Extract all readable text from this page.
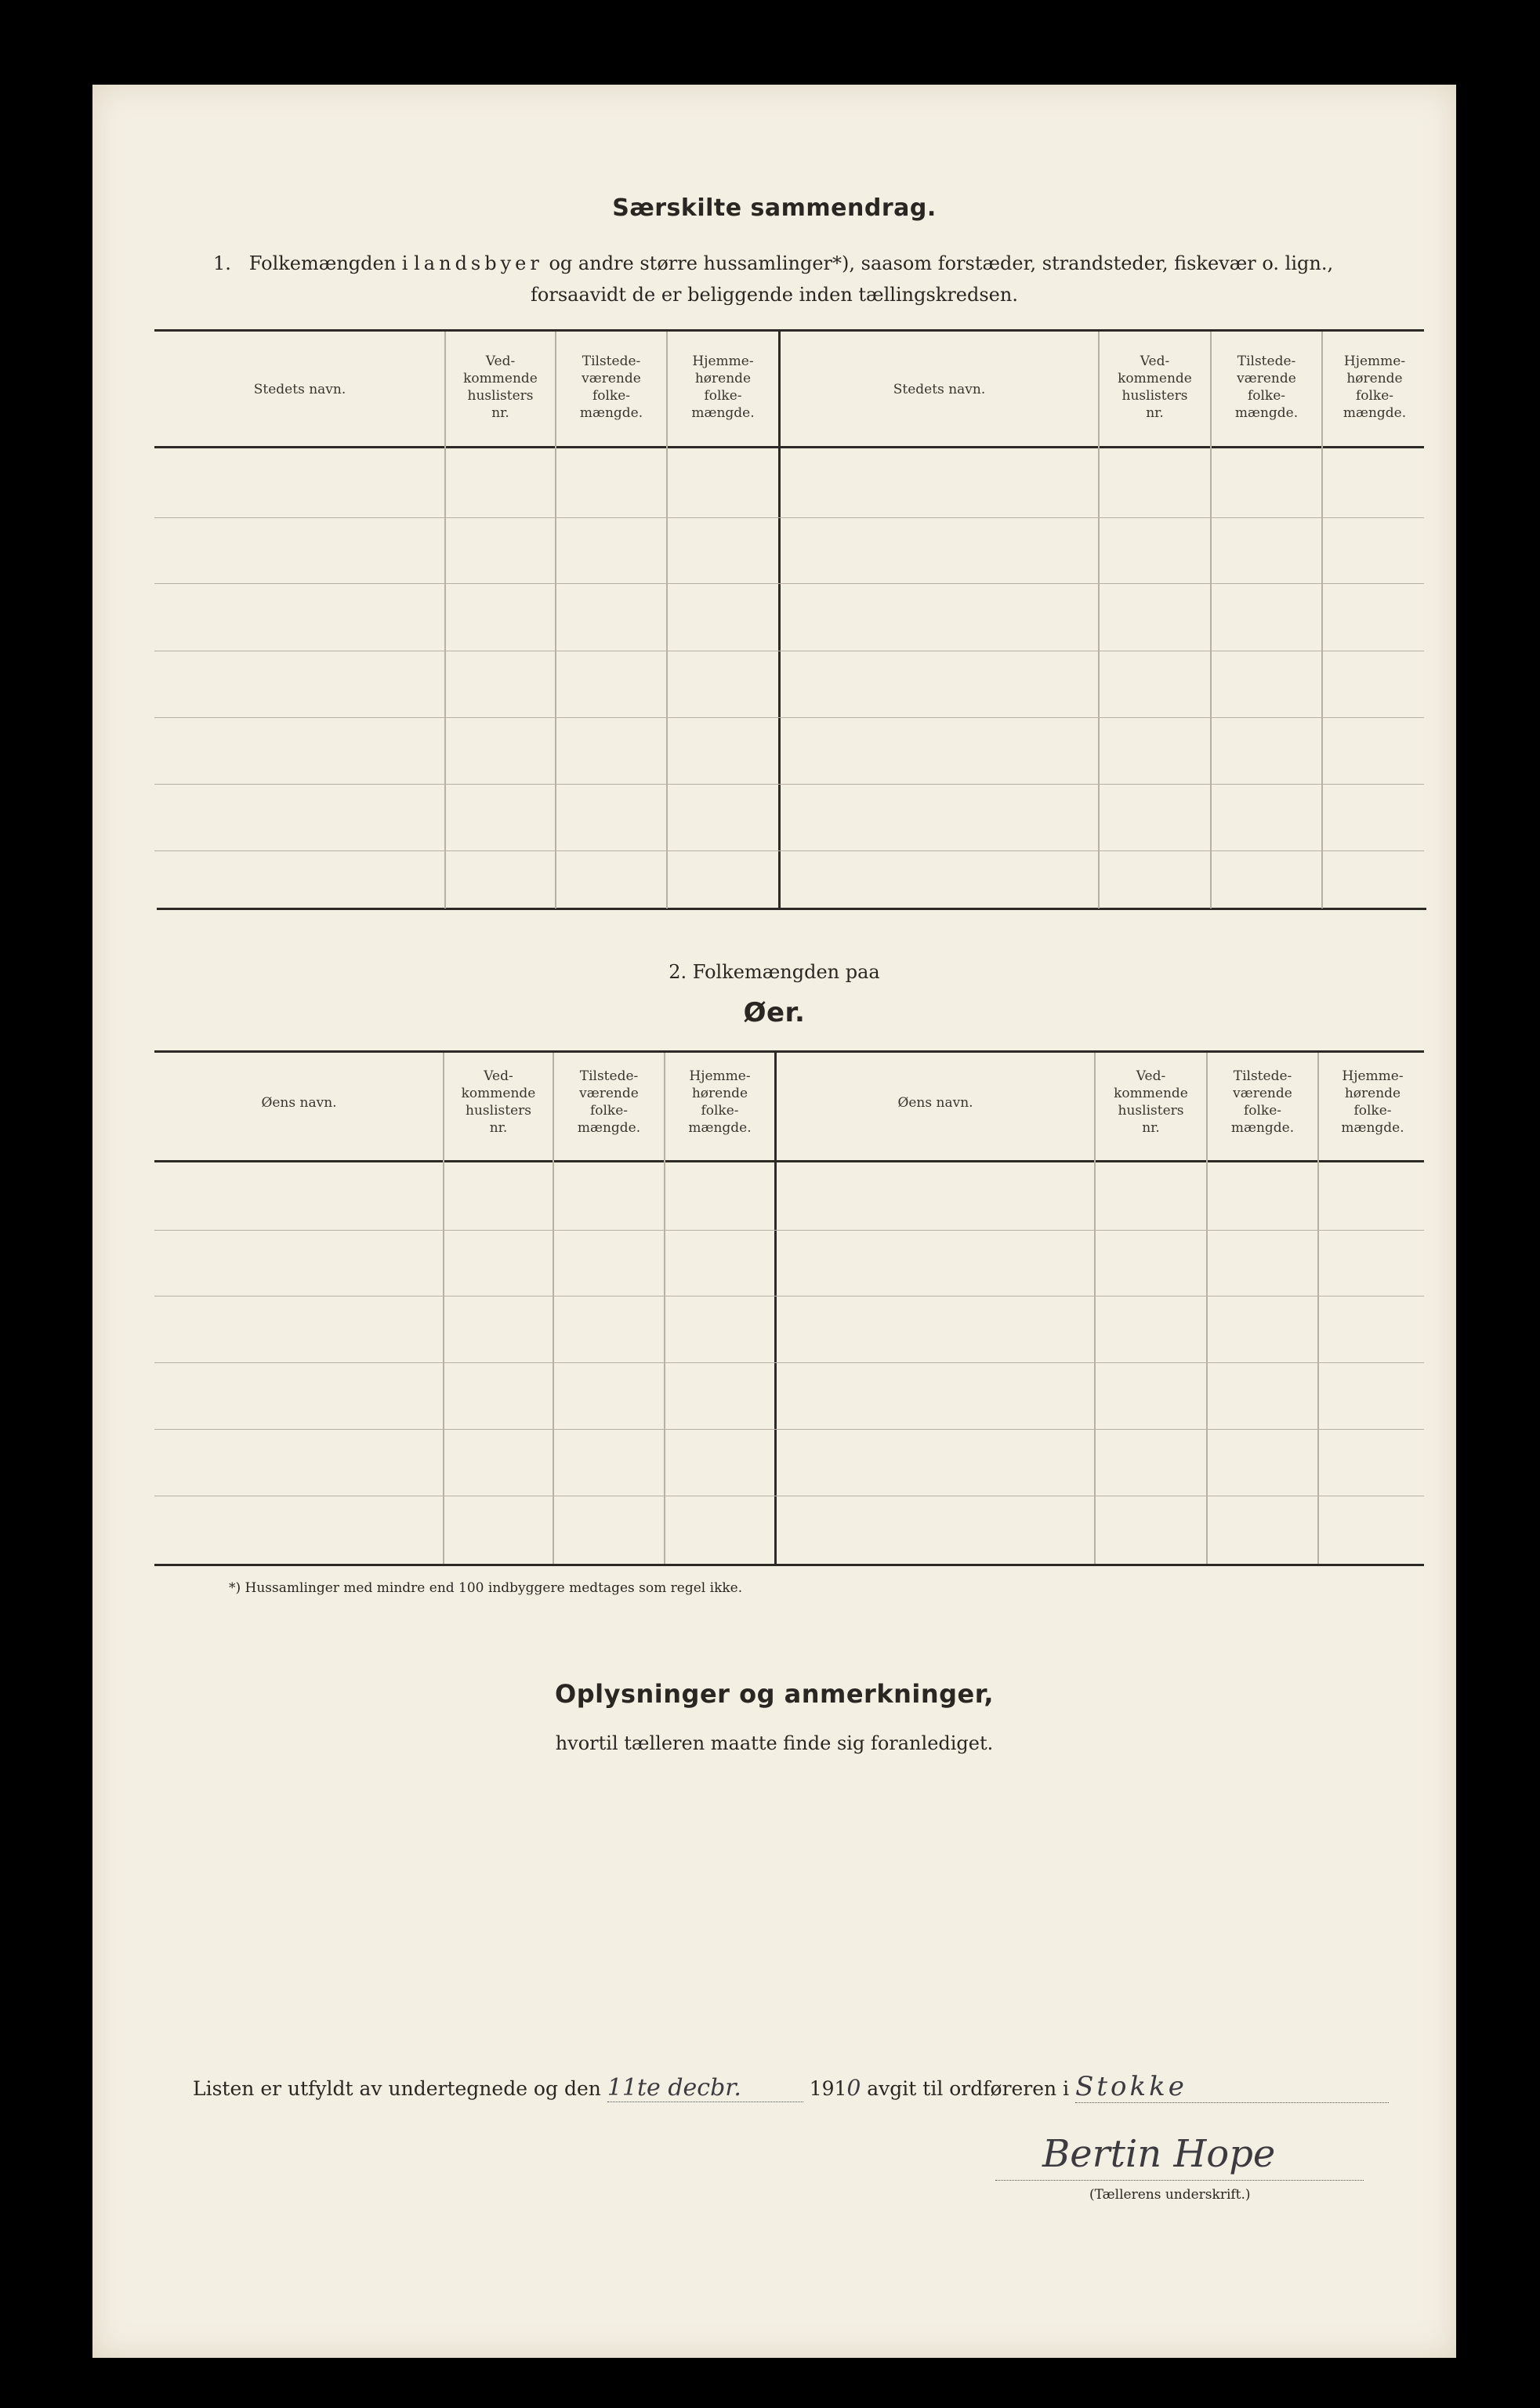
Særskilte sammendrag.
1. Folkemængden i landsbyer og andre større hussamlinger*), saasom forstæder, strandsteder, fiskevær o. lign.,
forsaavidt de er beliggende inden tællingskredsen.
Stedets navn.
Ved-
kommende
huslisters
nr.
Tilstede-
værende
folke-
mængde.
Hjemme-
hørende
folke-
mængde.
Stedets navn.
Ved-
kommende
huslisters
nr.
Tilstede-
værende
folke-
mængde.
Hjemme-
hørende
folke-
mængde.
2. Folkemængden paa
Øer.
Øens navn.
Ved-
kommende
huslisters
nr.
Tilstede-
værende
folke-
mængde.
Hjemme-
hørende
folke-
mængde.
Øens navn.
Ved-
kommende
huslisters
nr.
Tilstede-
værende
folke-
mængde.
Hjemme-
hørende
folke-
mængde.
*) Hussamlinger med mindre end 100 indbyggere medtages som regel ikke.
Oplysninger og anmerkninger,
hvortil tælleren maatte finde sig foranlediget.
Listen er utfyldt av undertegnede og den 11te decbr.	1910 avgit til ordføreren i Stokke
Bertin Hope
(Tællerens underskrift.)
